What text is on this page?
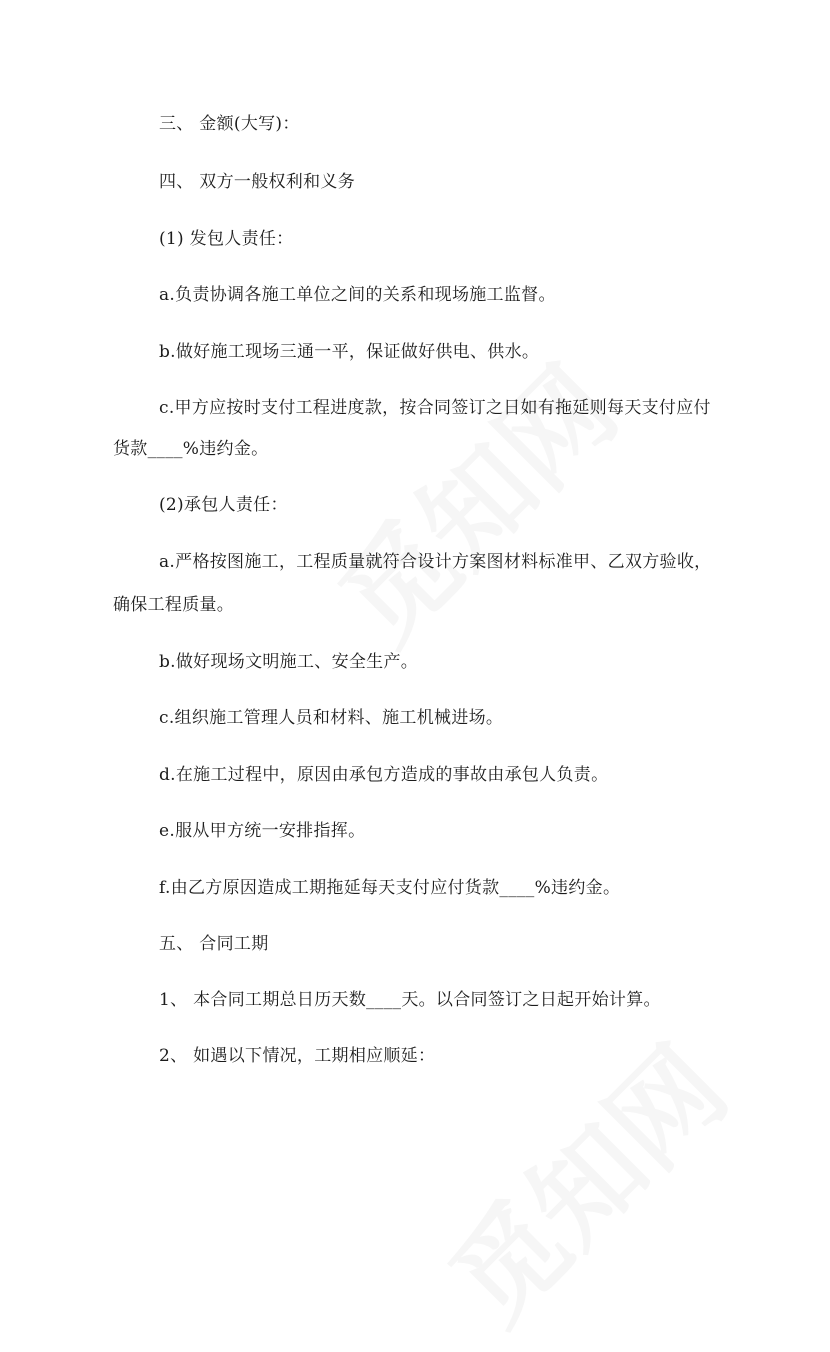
三、 金额(大写)：
四、 双方一般权利和义务
(1) 发包人责任：
a.负责协调各施工单位之间的关系和现场施工监督。
b.做好施工现场三通一平，保证做好供电、供水。
c.甲方应按时支付工程进度款，按合同签订之日如有拖延则每天支付应付
货款____%违约金。
(2)承包人责任：
a.严格按图施工，工程质量就符合设计方案图材料标准甲、乙双方验收，
确保工程质量。
b.做好现场文明施工、安全生产。
c.组织施工管理人员和材料、施工机械进场。
d.在施工过程中，原因由承包方造成的事故由承包人负责。
e.服从甲方统一安排指挥。
f.由乙方原因造成工期拖延每天支付应付货款____%违约金。
五、 合同工期
1、 本合同工期总日历天数____天。以合同签订之日起开始计算。
2、 如遇以下情况，工期相应顺延：
